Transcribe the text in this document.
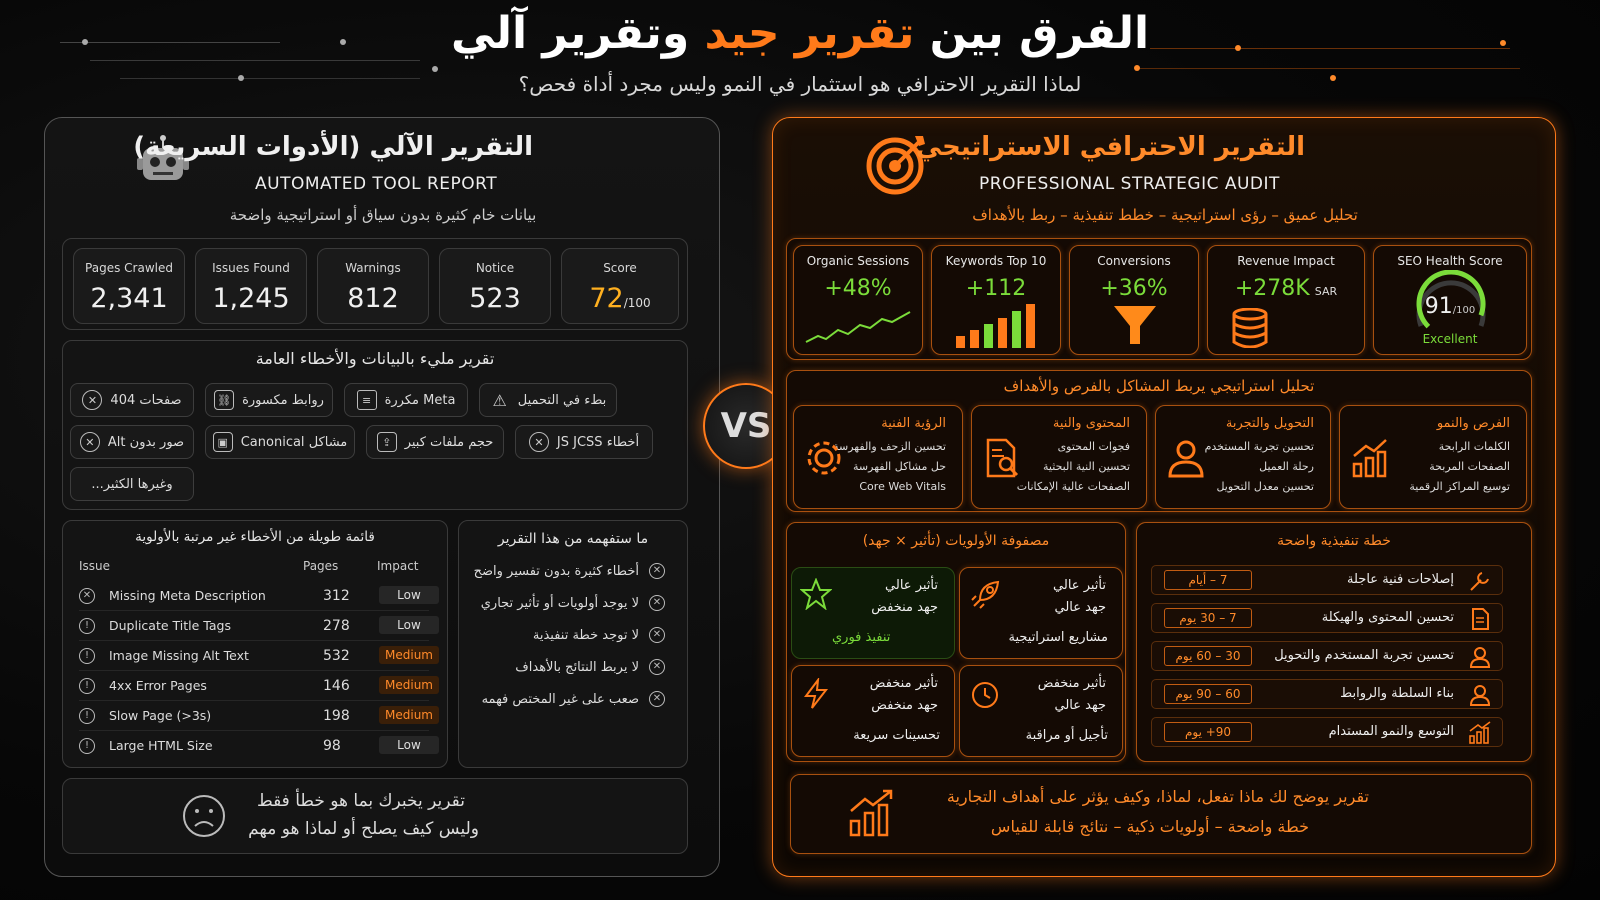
الفرق بين تقرير جيد وتقرير آلي
لماذا التقرير الاحترافي هو استثمار في النمو وليس مجرد أداة فحص؟
التقرير الآلي (الأدوات السريعة)
AUTOMATED TOOL REPORT
بيانات خام كثيرة بدون سياق أو استراتيجية واضحة
Pages Crawled
2,341
Issues Found
1,245
Warnings
812
Notice
523
Score
72/100
تقرير مليء بالبيانات والأخطاء العامة
صفحات 404
✕	روابط مكسورة
⛓	Meta مكررة
≡	بطء في التحميل
⚠
صور بدون Alt
✕	مشاكل Canonical
▣	حجم ملفات كبير
⇪	أخطاء JS JCSS
✕
وغيرها الكثير...
قائمة طويلة من الأخطاء غير مرتبة بالأولوية
Issue	Pages	Impact
✕	Missing Meta Description	312	Low
!	Duplicate Title Tags	278	Low
!	Image Missing Alt Text	532	Medium
!	4xx Error Pages	146	Medium
!	Slow Page (>3s)	198	Medium
!	Large HTML Size	98	Low
ما ستفهمه من هذا التقرير
✕
أخطاء كثيرة بدون تفسير واضح
✕
لا يوجد أولويات أو تأثير تجاري
✕
لا توجد خطة تنفيذية
✕
لا يربط النتائج بالأهداف
✕
صعب على غير المختص فهمه
تقرير يخبرك بما هو خطأ فقط
وليس كيف يصلح أو لماذا هو مهم
VS
التقرير الاحترافي الاستراتيجي
PROFESSIONAL STRATEGIC AUDIT
تحليل عميق – رؤى استراتيجية – خطط تنفيذية – ربط بالأهداف
Organic Sessions
+48%
Keywords Top 10
+112
Conversions
+36%
Revenue Impact
+278K SAR
SEO Health Score
91/100
Excellent
تحليل استراتيجي يربط المشاكل بالفرص والأهداف
الرؤية الفنية
تحسين الزحف والفهرسة
حل مشاكل الفهرسة
Core Web Vitals
المحتوى والنية
فجوات المحتوى
تحسين النية البحثية
الصفحات عالية الإمكانات
التحويل والتجربة
تحسين تجربة المستخدم
رحلة العميل
تحسين معدل التحويل
الفرص والنمو
الكلمات الرابحة
الصفحات المربحة
توسيع المراكز الرقمية
مصفوفة الأولويات (تأثير × جهد)
تأثير عالي
جهد منخفض
تنفيذ فوري
تأثير عالي
جهد عالي
مشاريع استراتيجية
تأثير منخفض
جهد منخفض
تحسينات سريعة
تأثير منخفض
جهد عالي
تأجيل أو مراقبة
خطة تنفيذية واضحة
إصلاحات فنية عاجلة
7 – أيام
تحسين المحتوى والهيكلة
7 – 30 يوم
تحسين تجربة المستخدم والتحويل
30 – 60 يوم
بناء السلطة والروابط
60 – 90 يوم
التوسع والنمو المستدام
90+ يوم
تقرير يوضح لك ماذا تفعل، لماذا، وكيف يؤثر على أهداف التجارية
خطة واضحة – أولويات ذكية – نتائج قابلة للقياس
